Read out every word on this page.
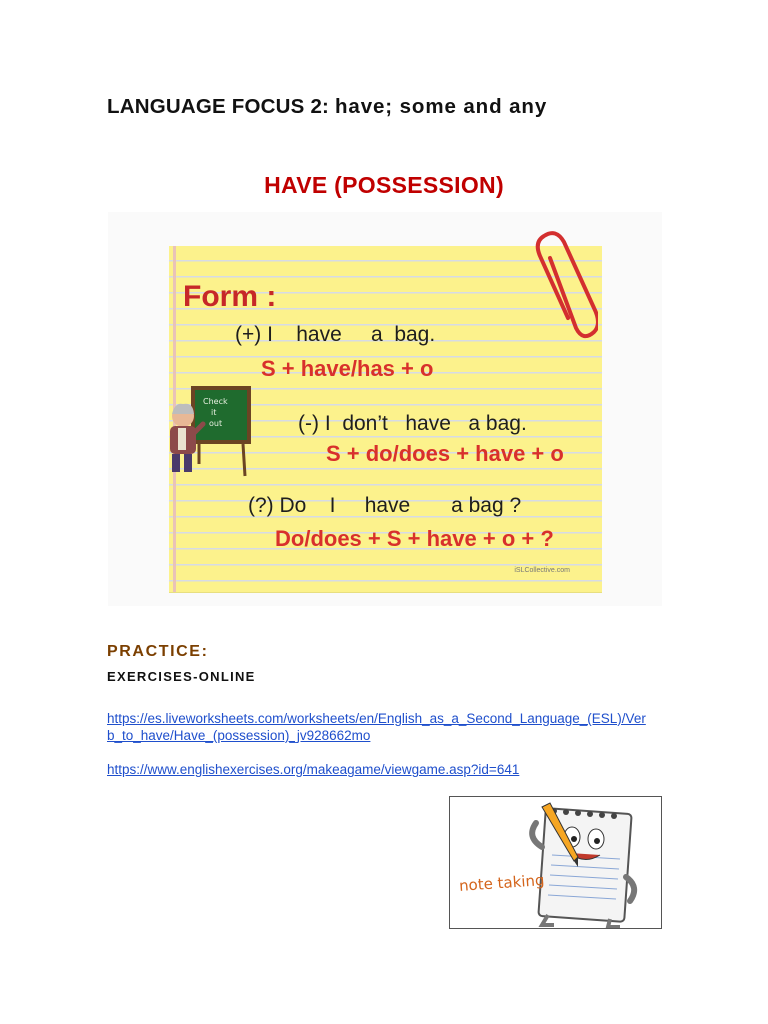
LANGUAGE FOCUS 2: have; some and any
HAVE (POSSESSION)
Form :
(+) I    have     a  bag.
S + have/has + o
(-) I  don’t   have   a bag.
S + do/does + have + o
(?) Do    I     have       a bag ?
Do/does + S + have + o + ?
iSLCollective.com
Check
it
out
PRACTICE:
EXERCISES-ONLINE
https://es.liveworksheets.com/worksheets/en/English_as_a_Second_Language_(ESL)/Ver
b_to_have/Have_(possession)_jv928662mo
https://www.englishexercises.org/makeagame/viewgame.asp?id=641
note taking
